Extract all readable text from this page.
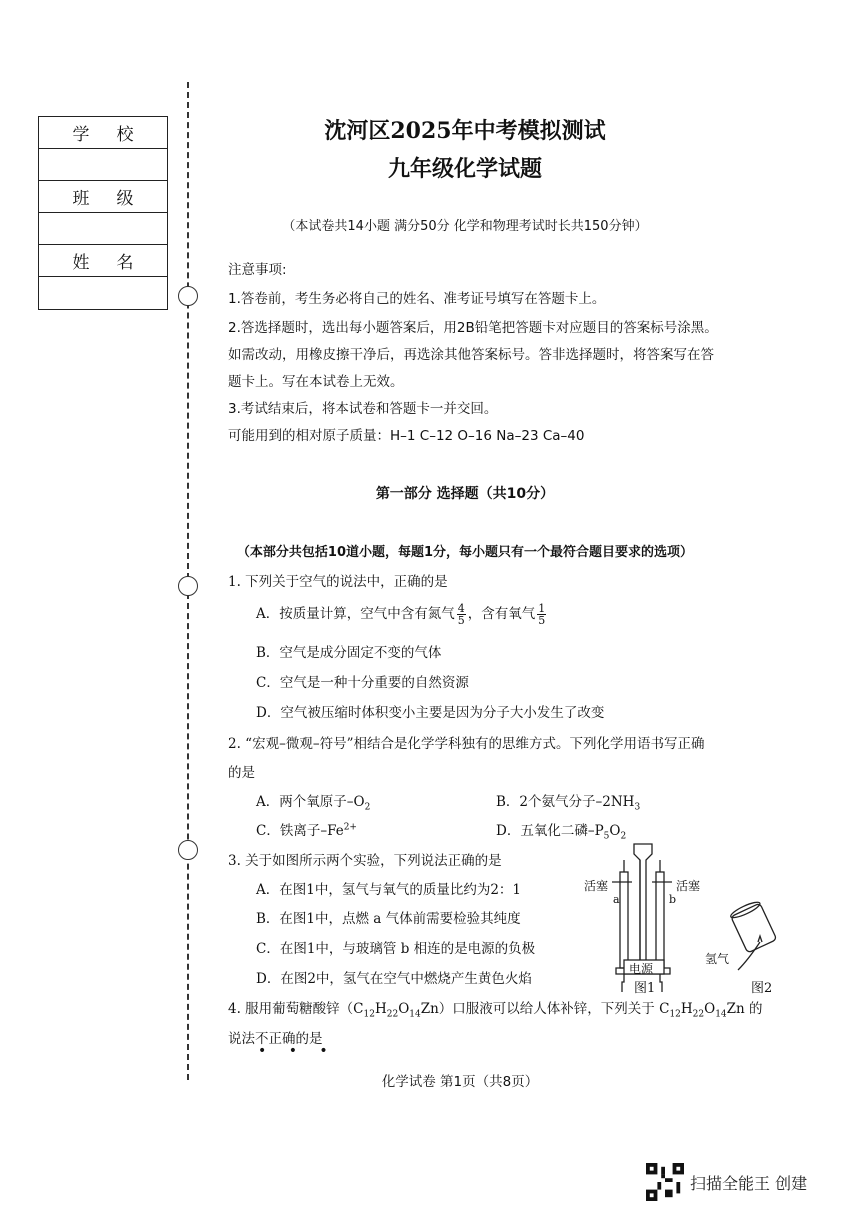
学 校
班 级
姓 名
沈河区2025年中考模拟测试
九年级化学试题
（本试卷共14小题 满分50分 化学和物理考试时长共150分钟）
注意事项:
1.答卷前，考生务必将自己的姓名、准考证号填写在答题卡上。
2.答选择题时，选出每小题答案后，用2B铅笔把答题卡对应题目的答案标号涂黑。
如需改动，用橡皮擦干净后，再选涂其他答案标号。答非选择题时，将答案写在答
题卡上。写在本试卷上无效。
3.考试结束后，将本试卷和答题卡一并交回。
可能用到的相对原子质量：H–1 C–12 O–16 Na–23 Ca–40
第一部分 选择题（共10分）
（本部分共包括10道小题，每题1分，每小题只有一个最符合题目要求的选项）
1. 下列关于空气的说法中，正确的是
A．按质量计算，空气中含有氮气 $\frac{4}{5}$ ，含有氧气 $\frac{1}{5}$
B．空气是成分固定不变的气体
C．空气是一种十分重要的自然资源
D．空气被压缩时体积变小主要是因为分子大小发生了改变
2. “宏观–微观–符号”相结合是化学学科独有的思维方式。下列化学用语书写正确
的是
A．两个氧原子$-O_2$	B．2个氨气分子$-2NH_3$
C．铁离子$-Fe^{2+}$	D．五氧化二磷$-P_5O_2$
3. 关于如图所示两个实验，下列说法正确的是
A．在图1中，氢气与氧气的质量比约为2：1
B．在图1中，点燃 a 气体前需要检验其纯度
C．在图1中，与玻璃管 b 相连的是电源的负极
D．在图2中，氢气在空气中燃烧产生黄色火焰
活塞	活塞
a	b
电源
图1	图2
氢气
4. 服用葡萄糖酸锌$(C_{12}H_{22}O_{14}Zn)$口服液可以给人体补锌，下列关于 $C_{12}H_{22}O_{14}Zn$ 的
说法不正确的是
• • •
化学试卷 第1页（共8页）
扫描全能王 创建
